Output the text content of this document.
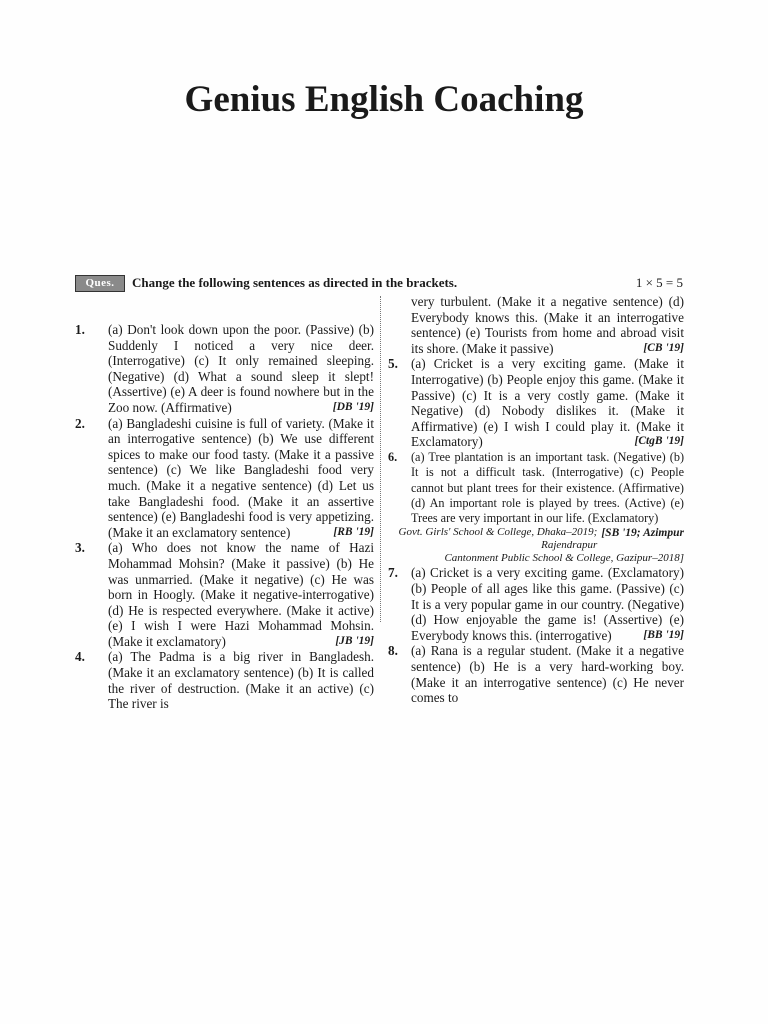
Genius English Coaching
Ques.	Change the following sentences as directed in the brackets.	1 × 5 = 5

1. (a) Don't look down upon the poor. (Passive) (b) Suddenly I noticed a very nice deer. (Interrogative) (c) It only remained sleeping. (Negative) (d) What a sound sleep it slept! (Assertive) (e) A deer is found nowhere but in the Zoo now. (Affirmative)	[DB '19]

2. (a) Bangladeshi cuisine is full of variety. (Make it an interrogative sentence) (b) We use different spices to make our food tasty. (Make it a passive sentence) (c) We like Bangladeshi food very much. (Make it a negative sentence) (d) Let us take Bangladeshi food. (Make it an assertive sentence) (e) Bangladeshi food is very appetizing. (Make it an exclamatory sentence)	[RB '19]

3. (a) Who does not know the name of Hazi Mohammad Mohsin? (Make it passive) (b) He was unmarried. (Make it negative) (c) He was born in Hoogly. (Make it negative-interrogative) (d) He is respected everywhere. (Make it active) (e) I wish I were Hazi Mohammad Mohsin. (Make it exclamatory)	[JB '19]

4. (a) The Padma is a big river in Bangladesh. (Make it an exclamatory sentence) (b) It is called the river of destruction. (Make it an active) (c) The river is

very turbulent. (Make it a negative sentence) (d) Everybody knows this. (Make it an interrogative sentence) (e) Tourists from home and abroad visit its shore. (Make it passive)	[CB '19]

5. (a) Cricket is a very exciting game. (Make it Interrogative) (b) People enjoy this game. (Make it Passive) (c) It is a very costly game. (Make it Negative) (d) Nobody dislikes it. (Make it Affirmative) (e) I wish I could play it. (Make it Exclamatory)	[CtgB '19]

6. (a) Tree plantation is an important task. (Negative) (b) It is not a difficult task. (Interrogative) (c) People cannot but plant trees for their existence. (Affirmative) (d) An important role is played by trees. (Active) (e) Trees are very important in our life. (Exclamatory)
[SB '19; Azimpur

Govt. Girls' School & College, Dhaka–2019; Rajendrapur
Cantonment Public School & College, Gazipur–2018]

7. (a) Cricket is a very exciting game. (Exclamatory) (b) People of all ages like this game. (Passive) (c) It is a very popular game in our country. (Negative) (d) How enjoyable the game is! (Assertive) (e) Everybody knows this. (interrogative)	[BB '19]

8. (a) Rana is a regular student. (Make it a negative sentence) (b) He is a very hard-working boy. (Make it an interrogative sentence) (c) He never comes to
